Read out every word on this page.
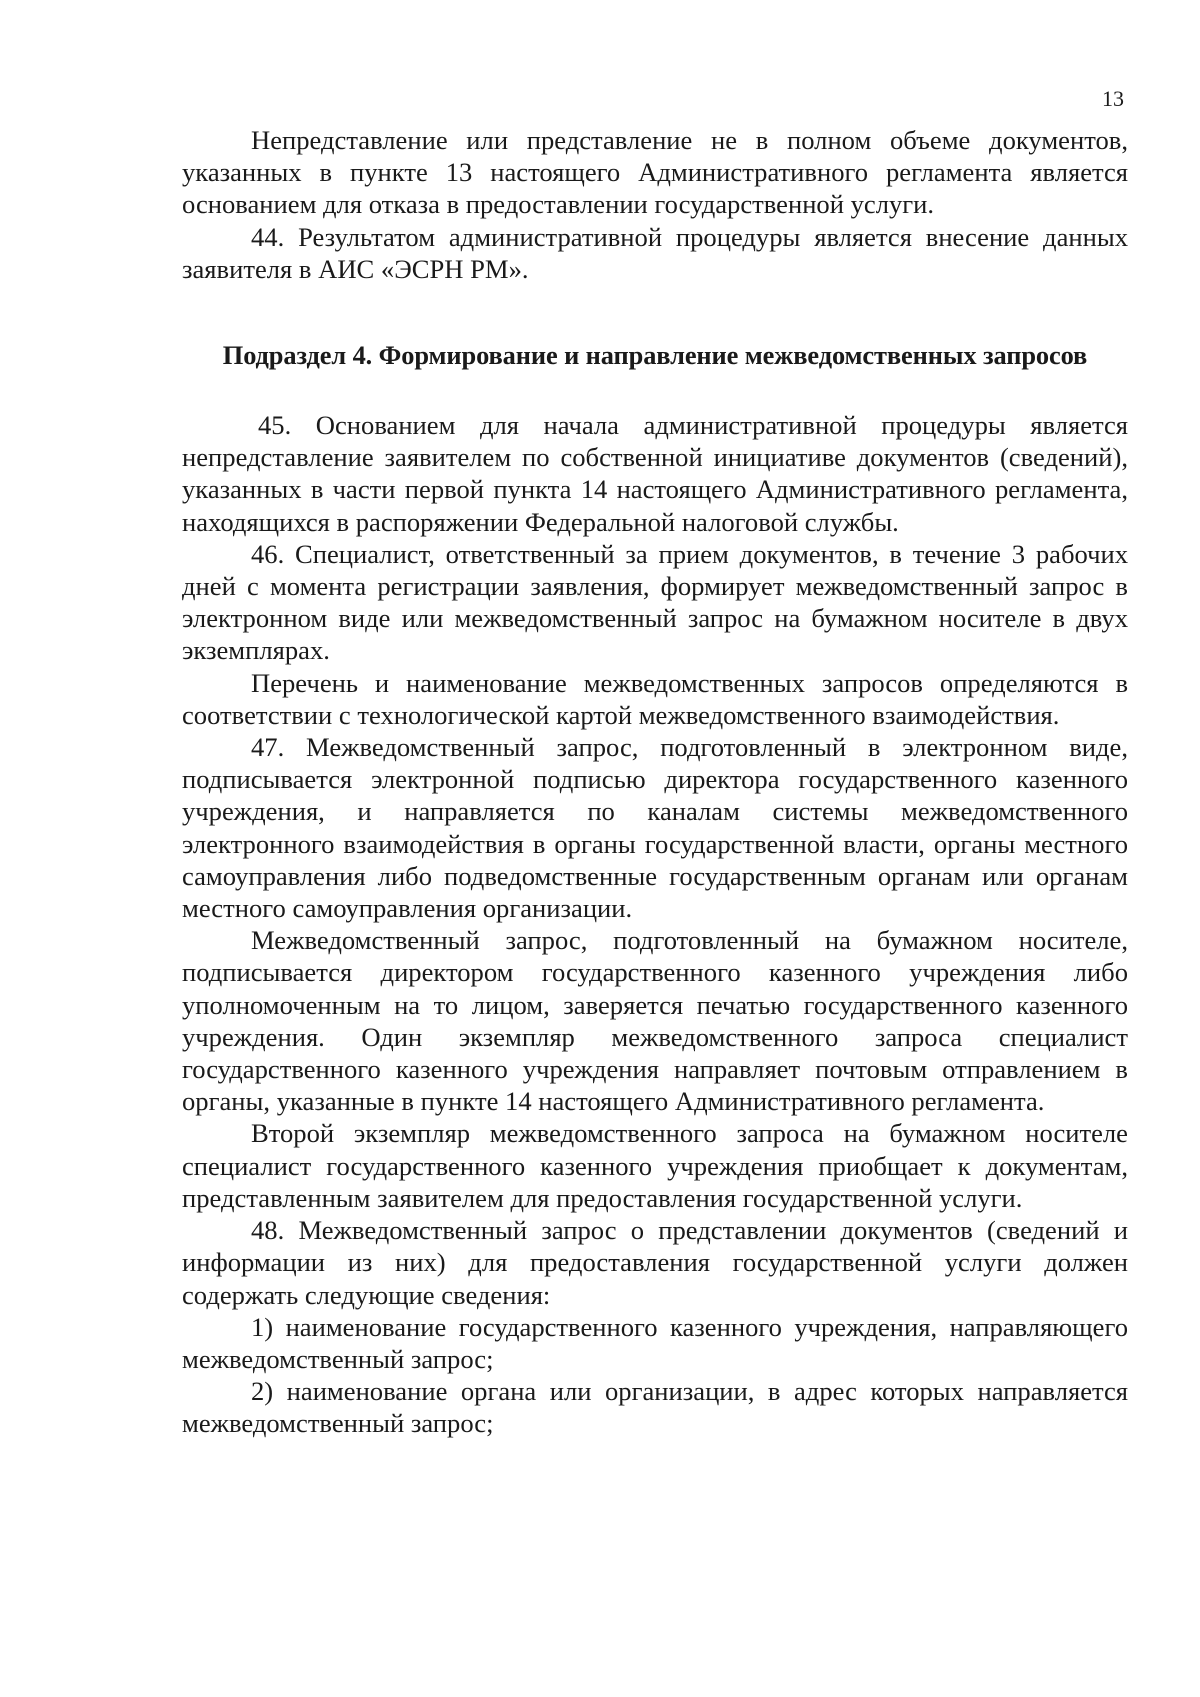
13

Непредставление или представление не в полном объеме документов, указанных в пункте 13 настоящего Административного регламента является основанием для отказа в предоставлении государственной услуги.

44. Результатом административной процедуры является внесение данных заявителя в АИС «ЭСРН РМ».

Подраздел 4. Формирование и направление межведомственных запросов

45. Основанием для начала административной процедуры является непредставление заявителем по собственной инициативе документов (сведений), указанных в части первой пункта 14 настоящего Административного регламента, находящихся в распоряжении Федеральной налоговой службы.

46. Специалист, ответственный за прием документов, в течение 3 рабочих дней с момента регистрации заявления, формирует межведомственный запрос в электронном виде или межведомственный запрос на бумажном носителе в двух экземплярах.

Перечень и наименование межведомственных запросов определяются в соответствии с технологической картой межведомственного взаимодействия.

47. Межведомственный запрос, подготовленный в электронном виде, подписывается электронной подписью директора государственного казенного учреждения, и направляется по каналам системы межведомственного электронного взаимодействия в органы государственной власти, органы местного самоуправления либо подведомственные государственным органам или органам местного самоуправления организации.

Межведомственный запрос, подготовленный на бумажном носителе, подписывается директором государственного казенного учреждения либо уполномоченным на то лицом, заверяется печатью государственного казенного учреждения. Один экземпляр межведомственного запроса специалист государственного казенного учреждения направляет почтовым отправлением в органы, указанные в пункте 14 настоящего Административного регламента.

Второй экземпляр межведомственного запроса на бумажном носителе специалист государственного казенного учреждения приобщает к документам, представленным заявителем для предоставления государственной услуги.

48. Межведомственный запрос о представлении документов (сведений и информации из них) для предоставления государственной услуги должен содержать следующие сведения:

1) наименование государственного казенного учреждения, направляющего межведомственный запрос;

2) наименование органа или организации, в адрес которых направляется межведомственный запрос;
